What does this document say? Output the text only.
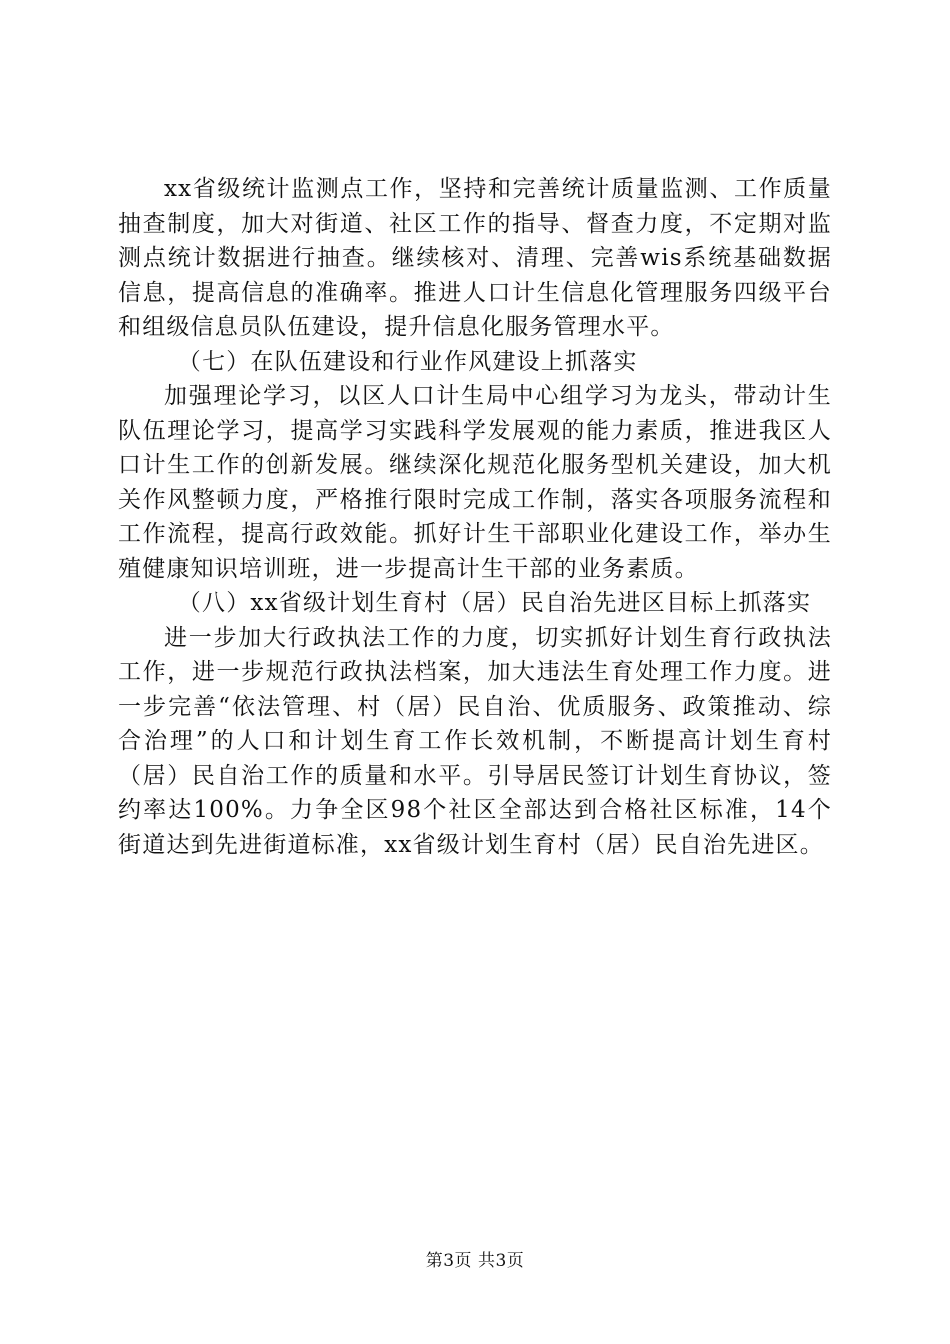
xx省级统计监测点工作，坚持和完善统计质量监测、工作质量抽查制度，加大对街道、社区工作的指导、督查力度，不定期对监测点统计数据进行抽查。继续核对、清理、完善wis系统基础数据信息，提高信息的准确率。推进人口计生信息化管理服务四级平台和组级信息员队伍建设，提升信息化服务管理水平。

（七）在队伍建设和行业作风建设上抓落实

加强理论学习，以区人口计生局中心组学习为龙头，带动计生队伍理论学习，提高学习实践科学发展观的能力素质，推进我区人口计生工作的创新发展。继续深化规范化服务型机关建设，加大机关作风整顿力度，严格推行限时完成工作制，落实各项服务流程和工作流程，提高行政效能。抓好计生干部职业化建设工作，举办生殖健康知识培训班，进一步提高计生干部的业务素质。

（八）xx省级计划生育村（居）民自治先进区目标上抓落实

进一步加大行政执法工作的力度，切实抓好计划生育行政执法工作，进一步规范行政执法档案，加大违法生育处理工作力度。进一步完善“依法管理、村（居）民自治、优质服务、政策推动、综合治理”的人口和计划生育工作长效机制，不断提高计划生育村（居）民自治工作的质量和水平。引导居民签订计划生育协议，签约率达100%。力争全区98个社区全部达到合格社区标准，14个街道达到先进街道标准，xx省级计划生育村（居）民自治先进区。

第3页 共3页
